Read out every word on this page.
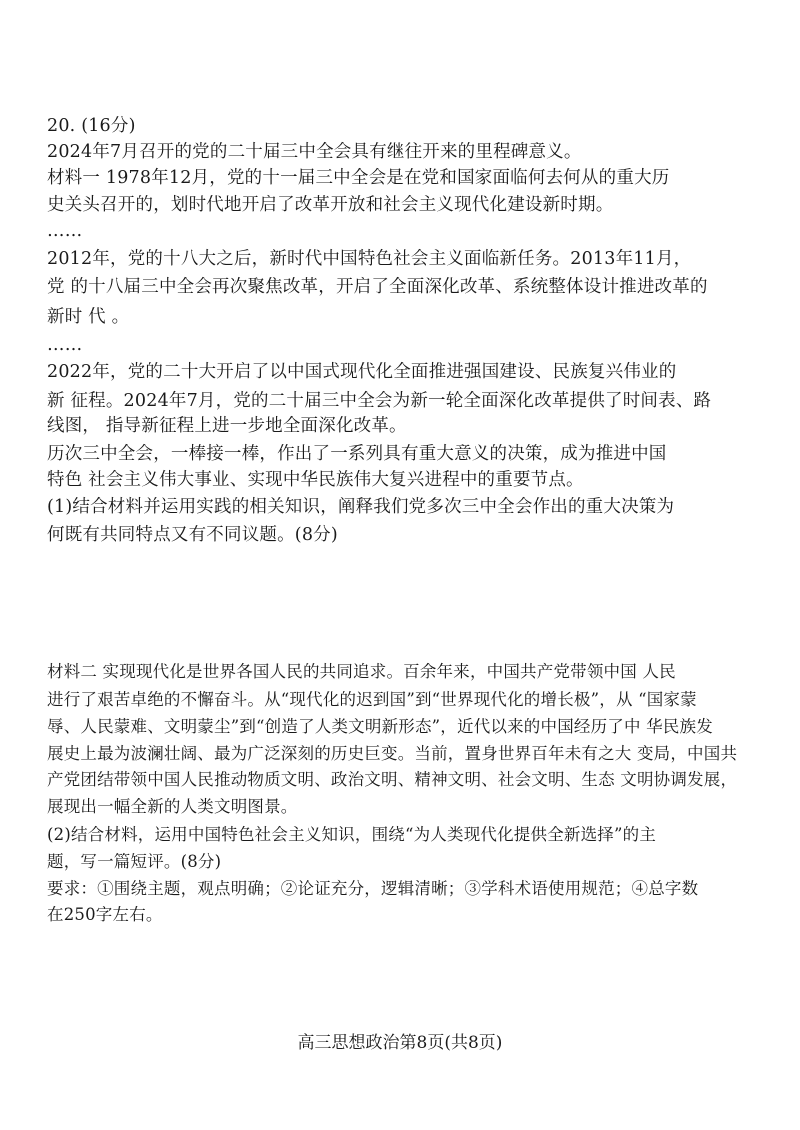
20. (16分)
2024年7月召开的党的二十届三中全会具有继往开来的里程碑意义。
材料一 1978年12月，党的十一届三中全会是在党和国家面临何去何从的重大历
史关头召开的，划时代地开启了改革开放和社会主义现代化建设新时期。
……
2012年，党的十八大之后，新时代中国特色社会主义面临新任务。2013年11月，
党 的十八届三中全会再次聚焦改革，开启了全面深化改革、系统整体设计推进改革的
新时 代 。
……
2022年，党的二十大开启了以中国式现代化全面推进强国建设、民族复兴伟业的
新 征程。2024年7月，党的二十届三中全会为新一轮全面深化改革提供了时间表、路
线图， 指导新征程上进一步地全面深化改革。
历次三中全会，一棒接一棒，作出了一系列具有重大意义的决策，成为推进中国
特色 社会主义伟大事业、实现中华民族伟大复兴进程中的重要节点。
(1)结合材料并运用实践的相关知识，阐释我们党多次三中全会作出的重大决策为
何既有共同特点又有不同议题。(8分)
材料二 实现现代化是世界各国人民的共同追求。百余年来，中国共产党带领中国 人民
进行了艰苦卓绝的不懈奋斗。从“现代化的迟到国”到“世界现代化的增长极”，从 “国家蒙
辱、人民蒙难、文明蒙尘”到“创造了人类文明新形态”，近代以来的中国经历了中 华民族发
展史上最为波澜壮阔、最为广泛深刻的历史巨变。当前，置身世界百年未有之大 变局，中国共
产党团结带领中国人民推动物质文明、政治文明、精神文明、社会文明、生态 文明协调发展，
展现出一幅全新的人类文明图景。
(2)结合材料，运用中国特色社会主义知识，围绕“为人类现代化提供全新选择”的主
题，写一篇短评。(8分)
要求：①围绕主题，观点明确；②论证充分，逻辑清晰；③学科术语使用规范；④总字数
在250字左右。
高三思想政治第8页(共8页)
